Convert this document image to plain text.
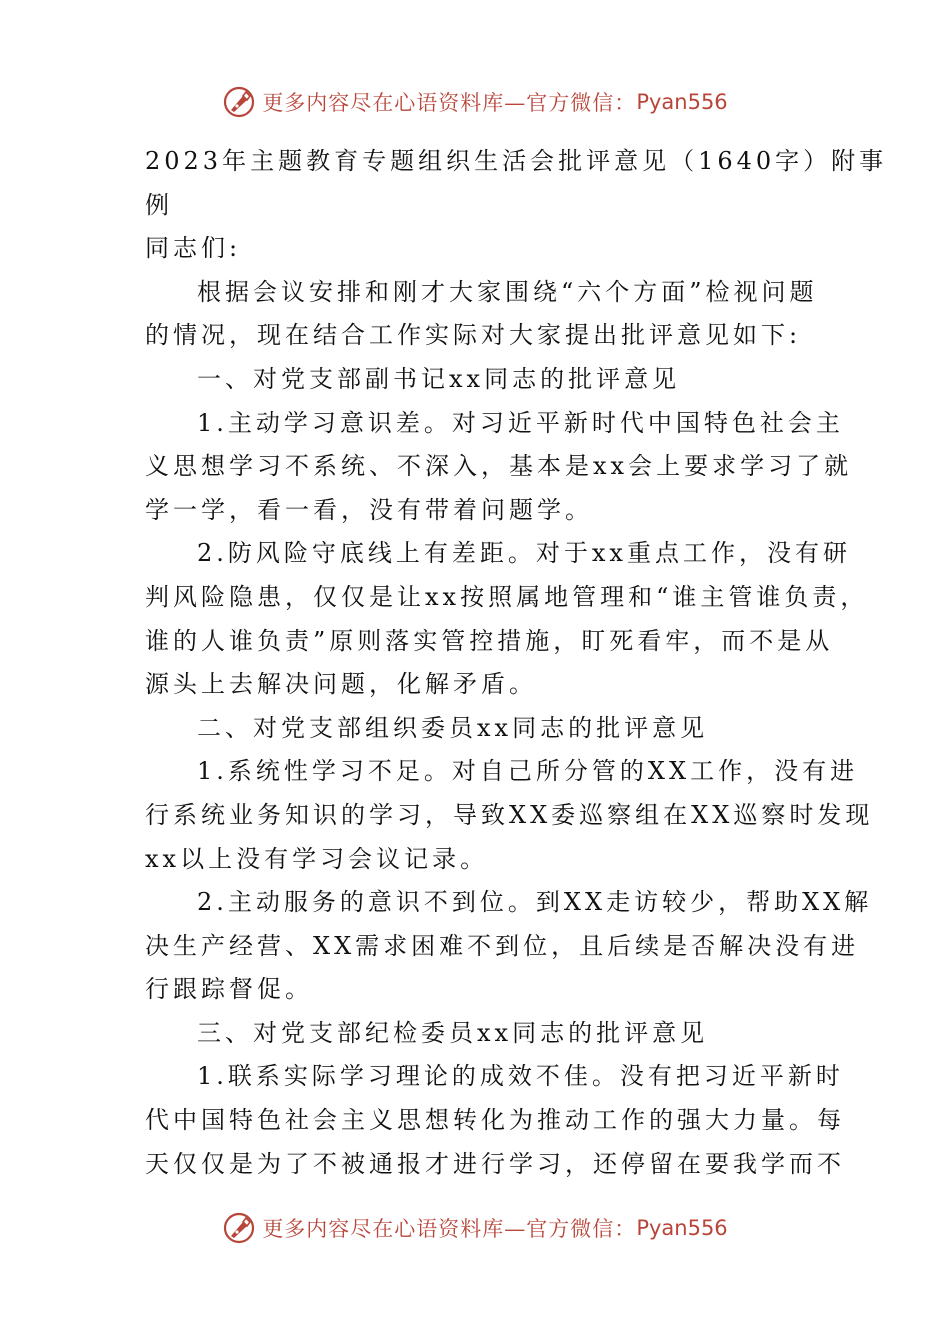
更多内容尽在心语资料库—官方微信： Pyan556
2023年主题教育专题组织生活会批评意见（1640字）附事
例
同志们:
根据会议安排和刚才大家围绕“六个方面”检视问题
的情况，现在结合工作实际对大家提出批评意见如下:
一、对党支部副书记xx同志的批评意见
1.主动学习意识差。对习近平新时代中国特色社会主
义思想学习不系统、不深入，基本是xx会上要求学习了就
学一学，看一看，没有带着问题学。
2.防风险守底线上有差距。对于xx重点工作，没有研
判风险隐患，仅仅是让xx按照属地管理和“谁主管谁负责，
谁的人谁负责”原则落实管控措施，盯死看牢，而不是从
源头上去解决问题，化解矛盾。
二、对党支部组织委员xx同志的批评意见
1.系统性学习不足。对自己所分管的XX工作，没有进
行系统业务知识的学习，导致XX委巡察组在XX巡察时发现
xx以上没有学习会议记录。
2.主动服务的意识不到位。到XX走访较少，帮助XX解
决生产经营、XX需求困难不到位，且后续是否解决没有进
行跟踪督促。
三、对党支部纪检委员xx同志的批评意见
1.联系实际学习理论的成效不佳。没有把习近平新时
代中国特色社会主义思想转化为推动工作的强大力量。每
天仅仅是为了不被通报才进行学习，还停留在要我学而不
更多内容尽在心语资料库—官方微信： Pyan556
